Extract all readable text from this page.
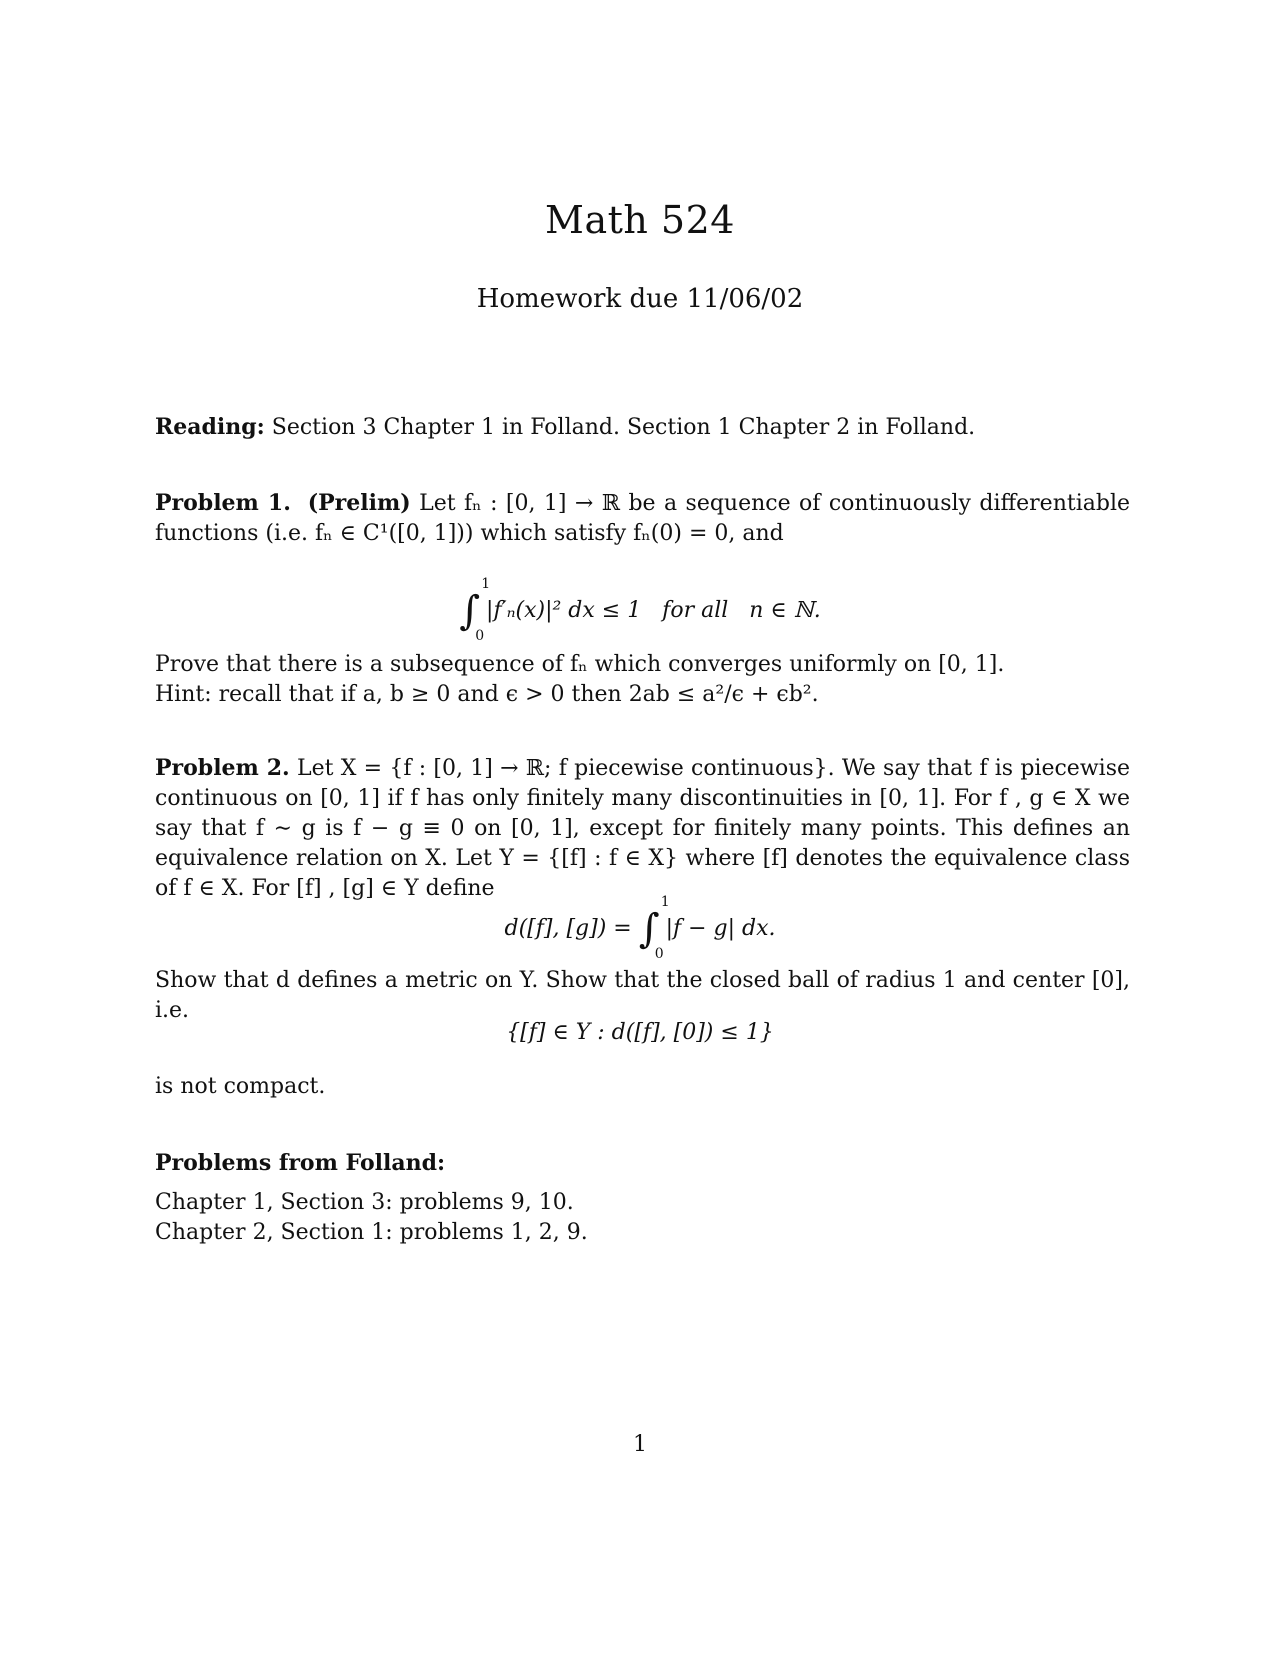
Math 524
Homework due 11/06/02
Reading: Section 3 Chapter 1 in Folland. Section 1 Chapter 2 in Folland.
Problem 1. (Prelim) Let fₙ : [0, 1] → ℝ be a sequence of continuously differentiable functions (i.e. fₙ ∈ C¹([0, 1])) which satisfy fₙ(0) = 0, and
∫
1
0
|f′ₙ(x)|² dx ≤ 1   for all   n ∈ ℕ.
Prove that there is a subsequence of fₙ which converges uniformly on [0, 1].
Hint: recall that if a, b ≥ 0 and ϵ > 0 then 2ab ≤ a²/ϵ + ϵb².
Problem 2. Let X = {f : [0, 1] → ℝ; f piecewise continuous}. We say that f is piecewise continuous on [0, 1] if f has only finitely many discontinuities in [0, 1]. For f , g ∈ X we say that f ∼ g is f − g ≡ 0 on [0, 1], except for finitely many points. This defines an equivalence relation on X. Let Y = {[f] : f ∈ X} where [f] denotes the equivalence class of f ∈ X. For [f] , [g] ∈ Y define
d([f], [g]) = ∫
1
0
|f − g| dx.
Show that d defines a metric on Y. Show that the closed ball of radius 1 and center [0], i.e.
{[f] ∈ Y : d([f], [0]) ≤ 1}
is not compact.
Problems from Folland:
Chapter 1, Section 3: problems 9, 10.
Chapter 2, Section 1: problems 1, 2, 9.
1
